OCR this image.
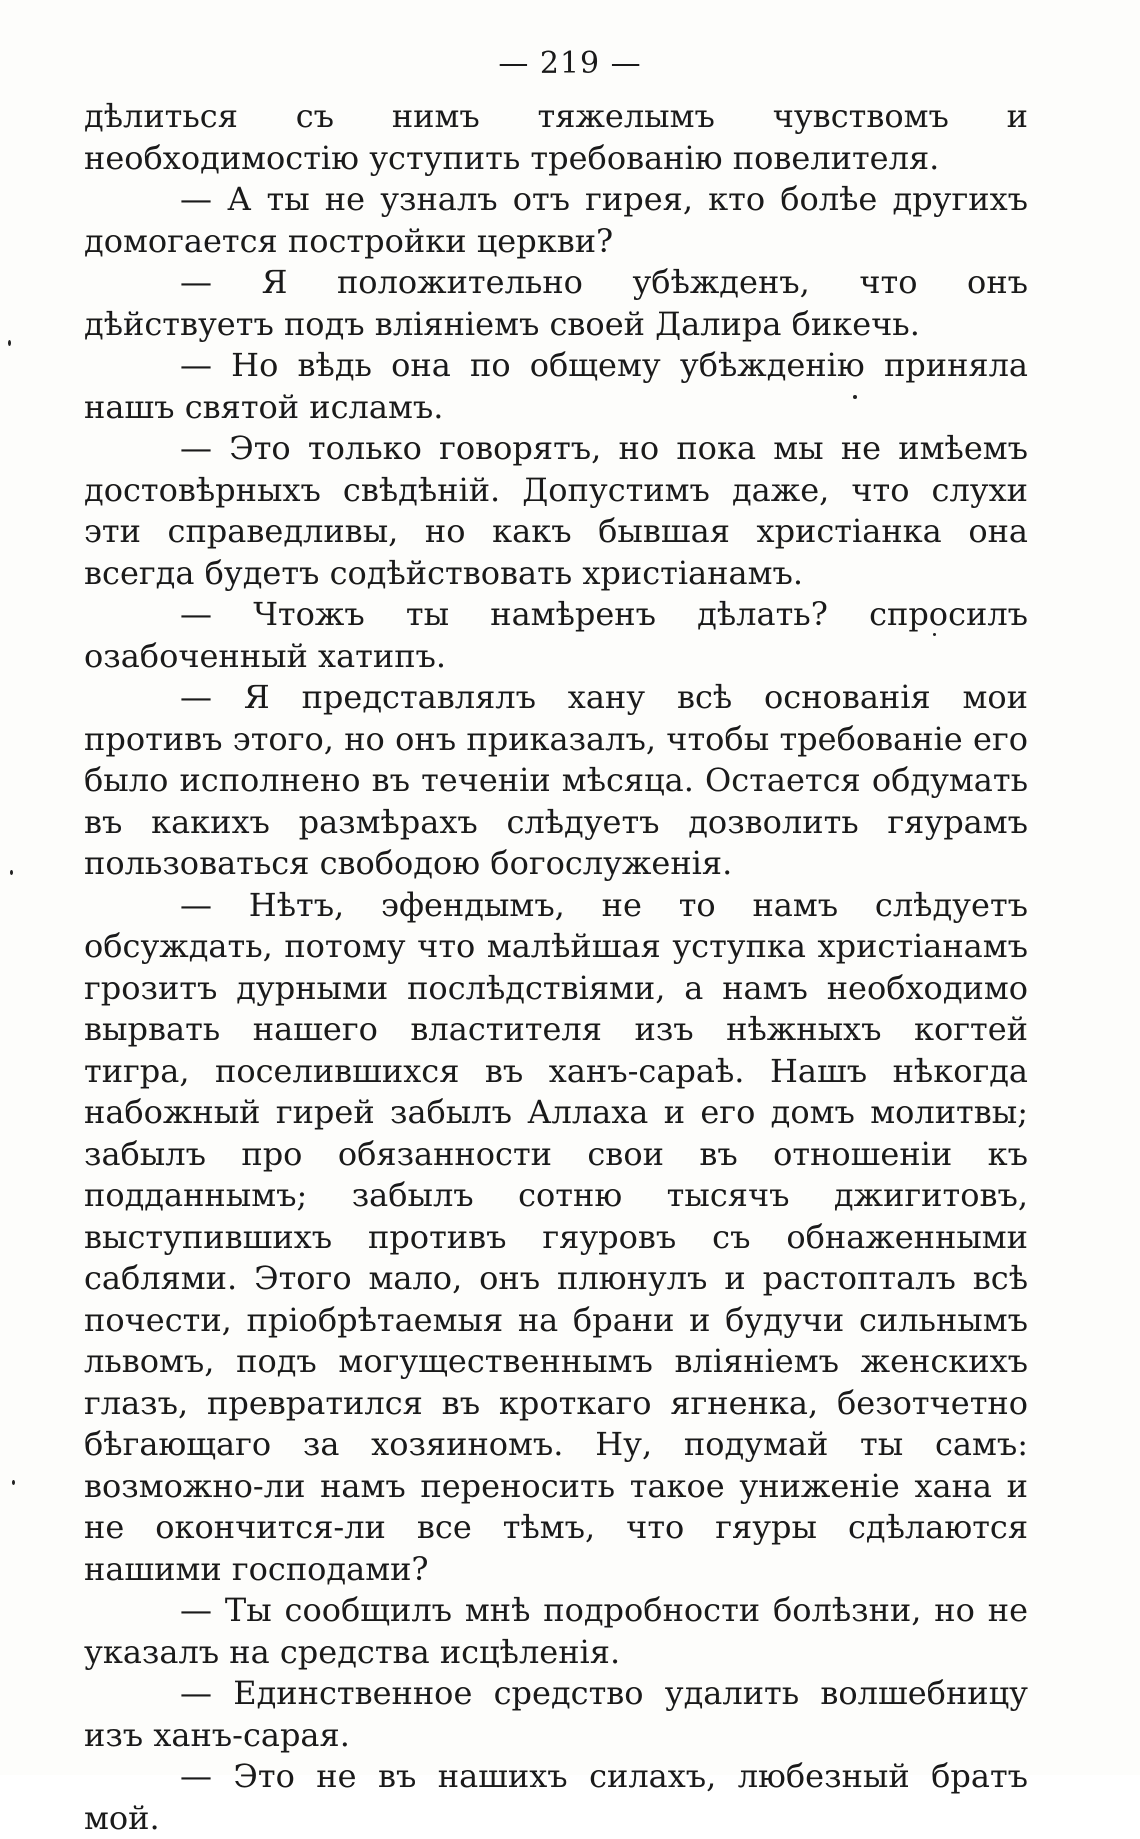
— 219 —

дѣлиться съ нимъ тяжелымъ чувствомъ и необходимостію уступить требованію повелителя.

— А ты не узналъ отъ гирея, кто болѣе другихъ домогается постройки церкви?

— Я положительно убѣжденъ, что онъ дѣйствуетъ подъ вліяніемъ своей Далира бикечь.

— Но вѣдь она по общему убѣжденію приняла нашъ святой исламъ.

— Это только говорятъ, но пока мы не имѣемъ достовѣрныхъ свѣдѣній. Допустимъ даже, что слухи эти справедливы, но какъ бывшая христіанка она всегда будетъ содѣйствовать христіанамъ.

— Чтожъ ты намѣренъ дѣлать? спросилъ озабоченный хатипъ.

— Я представлялъ хану всѣ основанія мои противъ этого, но онъ приказалъ, чтобы требованіе его было исполнено въ теченіи мѣсяца. Остается обдумать въ какихъ размѣрахъ слѣдуетъ дозволить гяурамъ пользоваться свободою богослуженія.

— Нѣтъ, эфендымъ, не то намъ слѣдуетъ обсуждать, потому что малѣйшая уступка христіанамъ грозитъ дурными послѣдствіями, а намъ необходимо вырвать нашего властителя изъ нѣжныхъ когтей тигра, поселившихся въ ханъ-сараѣ. Нашъ нѣкогда набожный гирей забылъ Аллаха и его домъ молитвы; забылъ про обязанности свои въ отношеніи къ подданнымъ; забылъ сотню тысячъ джигитовъ, выступившихъ противъ гяуровъ съ обнаженными саблями. Этого мало, онъ плюнулъ и растопталъ всѣ почести, пріобрѣтаемыя на брани и будучи сильнымъ львомъ, подъ могущественнымъ вліяніемъ женскихъ глазъ, превратился въ кроткаго ягненка, безотчетно бѣгающаго за хозяиномъ. Ну, подумай ты самъ: возможно-ли намъ переносить такое униженіе хана и не окончится-ли все тѣмъ, что гяуры сдѣлаются нашими господами?

— Ты сообщилъ мнѣ подробности болѣзни, но не указалъ на средства исцѣленія.

— Единственное средство удалить волшебницу изъ ханъ-сарая.

— Это не въ нашихъ силахъ, любезный братъ мой.
